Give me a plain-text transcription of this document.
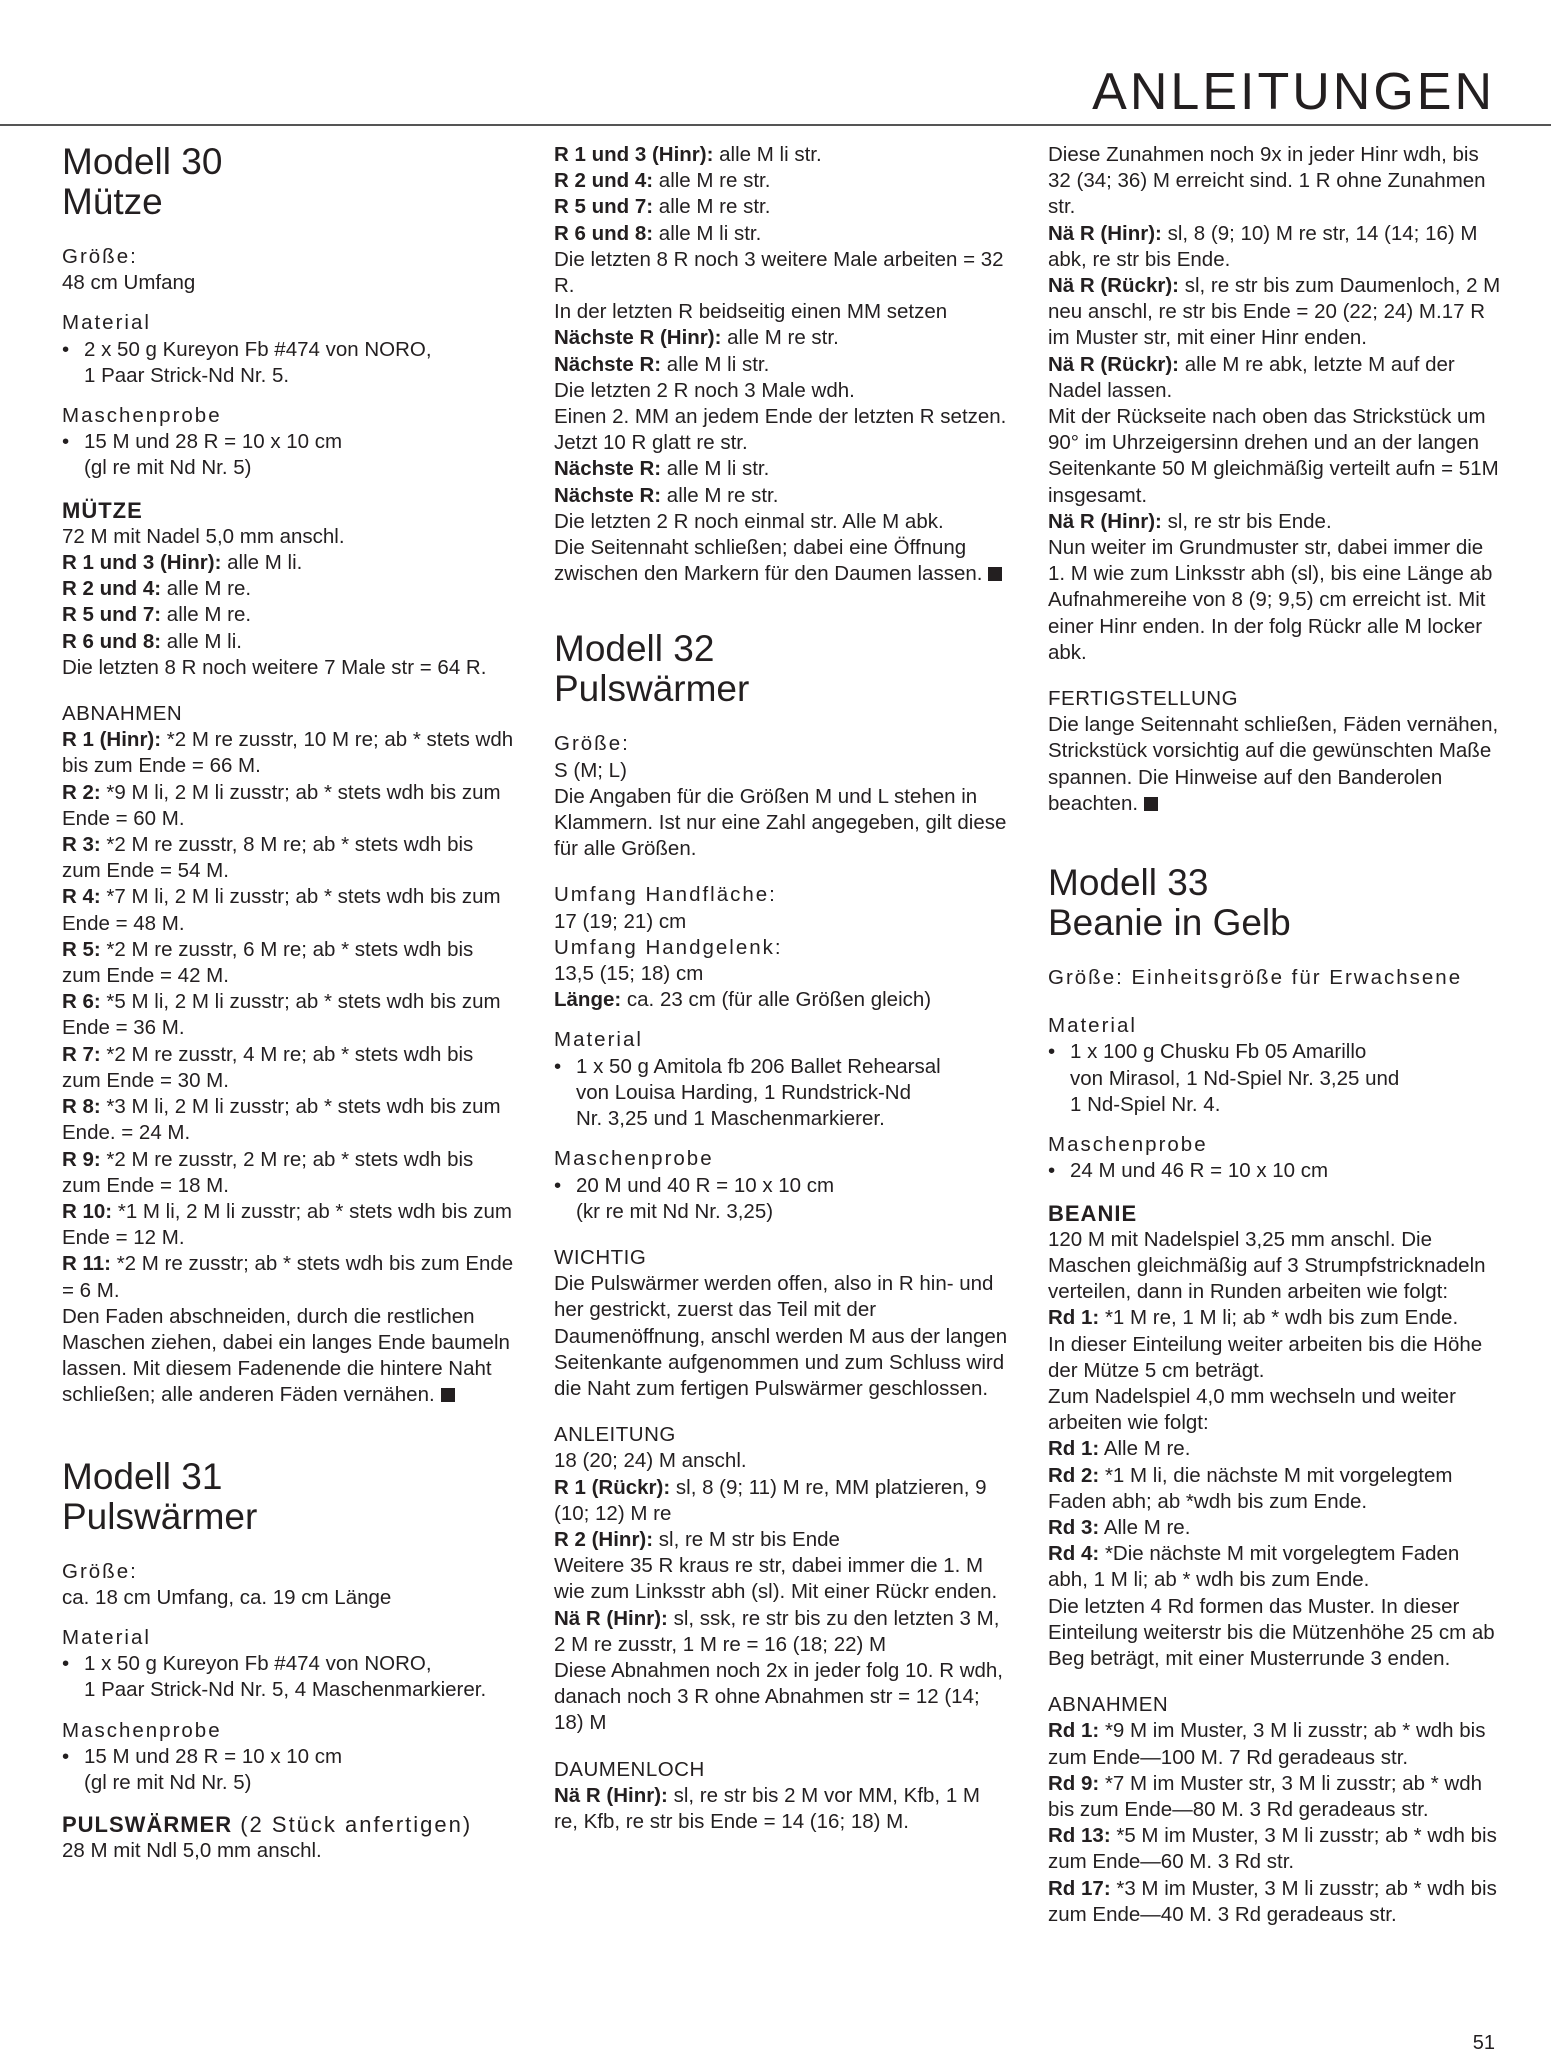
ANLEITUNGEN
Modell 30
Mütze
Größe:

48 cm Umfang

Material
• 2 x 50 g Kureyon Fb #474 von NORO,

1 Paar Strick-Nd Nr. 5.

Maschenprobe
• 15 M und 28 R = 10 x 10 cm

(gl re mit Nd Nr. 5)

MÜTZE

72 M mit Nadel 5,0 mm anschl.

R 1 und 3 (Hinr): alle M li.

R 2 und 4: alle M re.

R 5 und 7: alle M re.

R 6 und 8: alle M li.

Die letzten 8 R noch weitere 7 Male str = 64 R.

ABNAHMEN

R 1 (Hinr): *2 M re zusstr, 10 M re; ab * stets wdh bis zum Ende = 66 M.

R 2: *9 M li, 2 M li zusstr; ab * stets wdh bis zum Ende = 60 M.

R 3: *2 M re zusstr, 8 M re; ab * stets wdh bis zum Ende = 54 M.

R 4: *7 M li, 2 M li zusstr; ab * stets wdh bis zum Ende = 48 M.

R 5: *2 M re zusstr, 6 M re; ab * stets wdh bis zum Ende = 42 M.

R 6: *5 M li, 2 M li zusstr; ab * stets wdh bis zum Ende = 36 M.

R 7: *2 M re zusstr, 4 M re; ab * stets wdh bis zum Ende = 30 M.

R 8: *3 M li, 2 M li zusstr; ab * stets wdh bis zum Ende. = 24 M.

R 9: *2 M re zusstr, 2 M re; ab * stets wdh bis zum Ende = 18 M.

R 10: *1 M li, 2 M li zusstr; ab * stets wdh bis zum Ende = 12 M.

R 11: *2 M re zusstr; ab * stets wdh bis zum Ende = 6 M.

Den Faden abschneiden, durch die restlichen Maschen ziehen, dabei ein langes Ende baumeln lassen. Mit diesem Fadenende die hintere Naht schließen; alle anderen Fäden vernähen.

Modell 31
Pulswärmer
Größe:

ca. 18 cm Umfang, ca. 19 cm Länge

Material
• 1 x 50 g Kureyon Fb #474 von NORO,

1 Paar Strick-Nd Nr. 5, 4 Maschenmarkierer.

Maschenprobe
• 15 M und 28 R = 10 x 10 cm

(gl re mit Nd Nr. 5)

PULSWÄRMER (2 Stück anfertigen)

28 M mit Ndl 5,0 mm anschl.

R 1 und 3 (Hinr): alle M li str.

R 2 und 4: alle M re str.

R 5 und 7: alle M re str.

R 6 und 8: alle M li str.

Die letzten 8 R noch 3 weitere Male arbeiten = 32 R.

In der letzten R beidseitig einen MM setzen

Nächste R (Hinr): alle M re str.

Nächste R: alle M li str.

Die letzten 2 R noch 3 Male wdh.

Einen 2. MM an jedem Ende der letzten R setzen.

Jetzt 10 R glatt re str.

Nächste R: alle M li str.

Nächste R: alle M re str.

Die letzten 2 R noch einmal str. Alle M abk.

Die Seitennaht schließen; dabei eine Öffnung zwischen den Markern für den Daumen lassen.

Modell 32
Pulswärmer
Größe:

S (M; L)

Die Angaben für die Größen M und L stehen in Klammern. Ist nur eine Zahl angegeben, gilt diese für alle Größen.

Umfang Handfläche:

17 (19; 21) cm

Umfang Handgelenk:

13,5 (15; 18) cm

Länge: ca. 23 cm (für alle Größen gleich)

Material
• 1 x 50 g Amitola fb 206 Ballet Rehearsal

von Louisa Harding, 1 Rundstrick-Nd

Nr. 3,25 und 1 Maschenmarkierer.

Maschenprobe
• 20 M und 40 R = 10 x 10 cm

(kr re mit Nd Nr. 3,25)

WICHTIG

Die Pulswärmer werden offen, also in R hin- und her gestrickt, zuerst das Teil mit der Daumenöffnung, anschl werden M aus der langen Seitenkante aufgenommen und zum Schluss wird die Naht zum fertigen Pulswärmer geschlossen.

ANLEITUNG

18 (20; 24) M anschl.

R 1 (Rückr): sl, 8 (9; 11) M re, MM platzieren, 9 (10; 12) M re

R 2 (Hinr): sl, re M str bis Ende

Weitere 35 R kraus re str, dabei immer die 1. M wie zum Linksstr abh (sl). Mit einer Rückr enden.

Nä R (Hinr): sl, ssk, re str bis zu den letzten 3 M, 2 M re zusstr, 1 M re = 16 (18; 22) M

Diese Abnahmen noch 2x in jeder folg 10. R wdh, danach noch 3 R ohne Abnahmen str = 12 (14; 18) M

DAUMENLOCH

Nä R (Hinr): sl, re str bis 2 M vor MM, Kfb, 1 M re, Kfb, re str bis Ende = 14 (16; 18) M.

Diese Zunahmen noch 9x in jeder Hinr wdh, bis 32 (34; 36) M erreicht sind. 1 R ohne Zunahmen str.

Nä R (Hinr): sl, 8 (9; 10) M re str, 14 (14; 16) M abk, re str bis Ende.

Nä R (Rückr): sl, re str bis zum Daumenloch, 2 M neu anschl, re str bis Ende = 20 (22; 24) M.17 R im Muster str, mit einer Hinr enden.

Nä R (Rückr): alle M re abk, letzte M auf der Nadel lassen.

Mit der Rückseite nach oben das Strickstück um 90° im Uhrzeigersinn drehen und an der langen Seitenkante 50 M gleichmäßig verteilt aufn = 51M insgesamt.

Nä R (Hinr): sl, re str bis Ende.

Nun weiter im Grundmuster str, dabei immer die 1. M wie zum Linksstr abh (sl), bis eine Länge ab Aufnahmereihe von 8 (9; 9,5) cm erreicht ist. Mit einer Hinr enden. In der folg Rückr alle M locker abk.

FERTIGSTELLUNG

Die lange Seitennaht schließen, Fäden vernähen, Strickstück vorsichtig auf die gewünschten Maße spannen. Die Hinweise auf den Banderolen beachten.

Modell 33
Beanie in Gelb
Größe: Einheitsgröße für Erwachsene
Material
• 1 x 100 g Chusku Fb 05 Amarillo

von Mirasol, 1 Nd-Spiel Nr. 3,25 und

1 Nd-Spiel Nr. 4.

Maschenprobe
• 24 M und 46 R = 10 x 10 cm
BEANIE

120 M mit Nadelspiel 3,25 mm anschl. Die Maschen gleichmäßig auf 3 Strumpfstricknadeln verteilen, dann in Runden arbeiten wie folgt:

Rd 1: *1 M re, 1 M li; ab * wdh bis zum Ende.

In dieser Einteilung weiter arbeiten bis die Höhe der Mütze 5 cm beträgt.

Zum Nadelspiel 4,0 mm wechseln und weiter arbeiten wie folgt:

Rd 1: Alle M re.

Rd 2: *1 M li, die nächste M mit vorgelegtem Faden abh; ab *wdh bis zum Ende.

Rd 3: Alle M re.

Rd 4: *Die nächste M mit vorgelegtem Faden abh, 1 M li; ab * wdh bis zum Ende.

Die letzten 4 Rd formen das Muster. In dieser Einteilung weiterstr bis die Mützenhöhe 25 cm ab Beg beträgt, mit einer Musterrunde 3 enden.

ABNAHMEN

Rd 1: *9 M im Muster, 3 M li zusstr; ab * wdh bis zum Ende—100 M. 7 Rd geradeaus str.

Rd 9: *7 M im Muster str, 3 M li zusstr; ab * wdh bis zum Ende—80 M. 3 Rd geradeaus str.

Rd 13: *5 M im Muster, 3 M li zusstr; ab * wdh bis zum Ende—60 M. 3 Rd str.

Rd 17: *3 M im Muster, 3 M li zusstr; ab * wdh bis zum Ende—40 M. 3 Rd geradeaus str.

51
